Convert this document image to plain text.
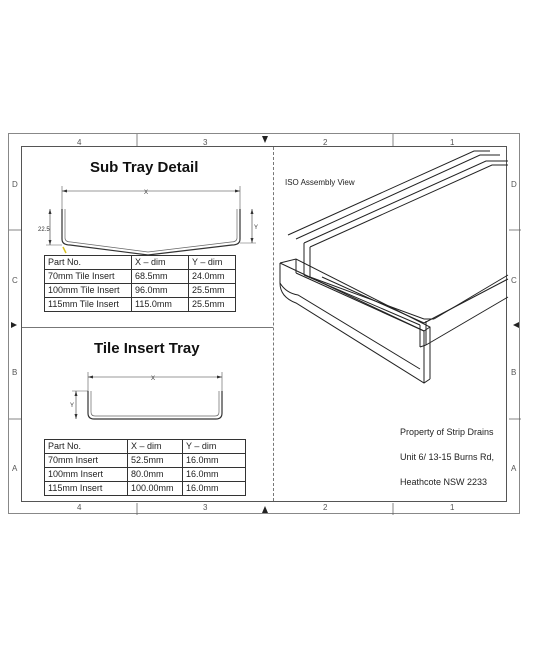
4	3	2	1
4	3	2	1
D
C
B
A
D
C
B
A
Sub Tray Detail
X
22.5	Y
Part No.	X – dim	Y – dim
70mm Tile Insert	68.5mm	24.0mm
100mm Tile Insert	96.0mm	25.5mm
115mm Tile Insert	115.0mm	25.5mm
Tile Insert Tray
X
Y
Part No.	X – dim	Y – dim
70mm Insert	52.5mm	16.0mm
100mm Insert	80.0mm	16.0mm
115mm Insert	100.00mm	16.0mm
ISO Assembly View
Property of Strip Drains
Unit 6/ 13-15 Burns Rd,
Heathcote NSW 2233
